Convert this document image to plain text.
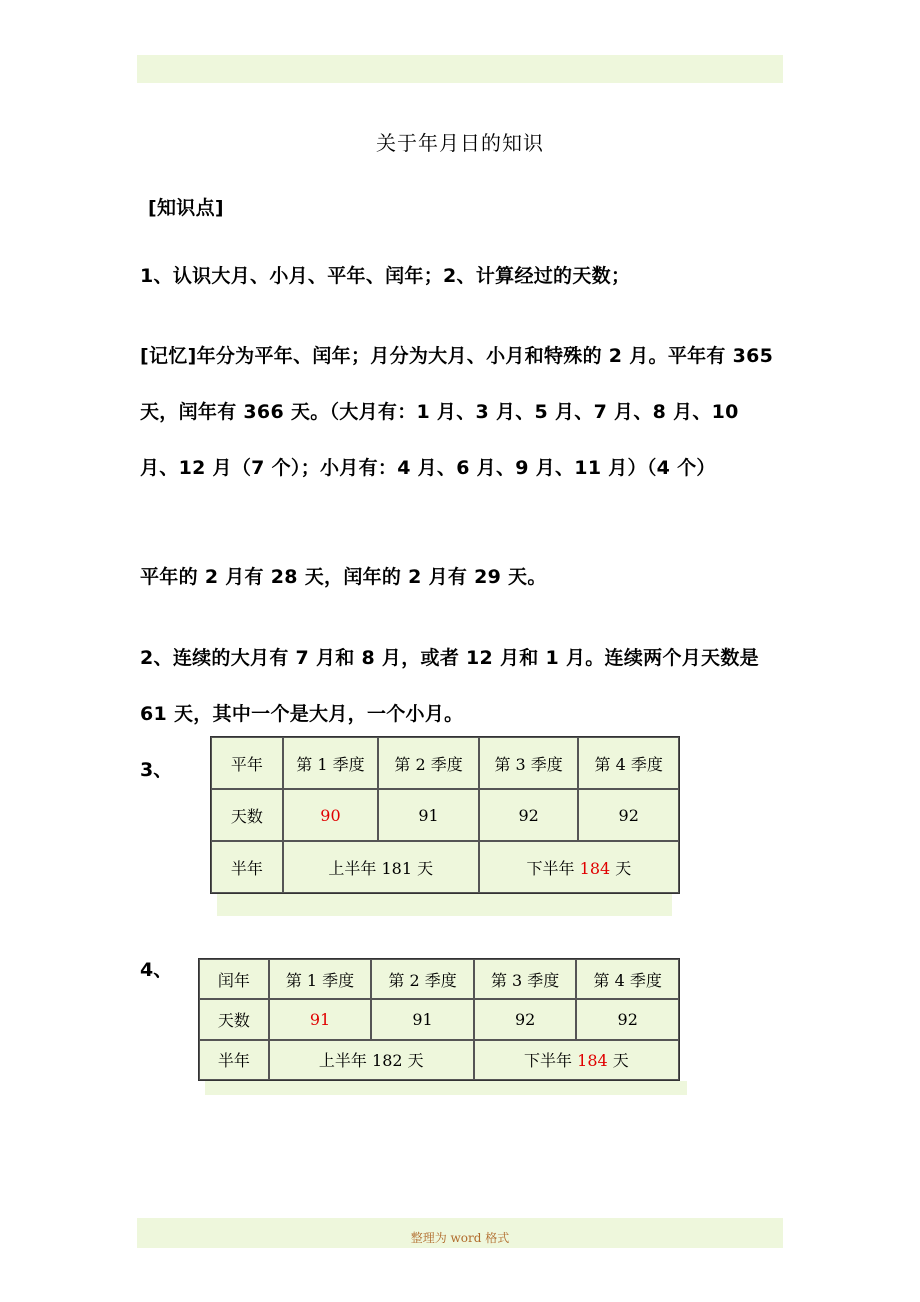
关于年月日的知识

[知识点]

1、认识大月、小月、平年、闰年；2、计算经过的天数；

[记忆]年分为平年、闰年；月分为大月、小月和特殊的 2 月。平年有 365 天，闰年有 366 天。（大月有：1 月、3 月、5 月、7 月、8 月、10 月、12 月（7 个）；小月有：4 月、6 月、9 月、11 月）（4 个）

平年的 2 月有 28 天，闰年的 2 月有 29 天。

2、连续的大月有 7 月和 8 月，或者 12 月和 1 月。连续两个月天数是 61 天，其中一个是大月，一个小月。

3、	平年	第 1 季度	第 2 季度	第 3 季度	第 4 季度
天数	90	91	92	92
半年	上半年 181 天		下半年 184 天	
4、	闰年	第 1 季度	第 2 季度	第 3 季度	第 4 季度
天数	91	91	92	92
半年	上半年 182 天		下半年 184 天	
整理为 word 格式
